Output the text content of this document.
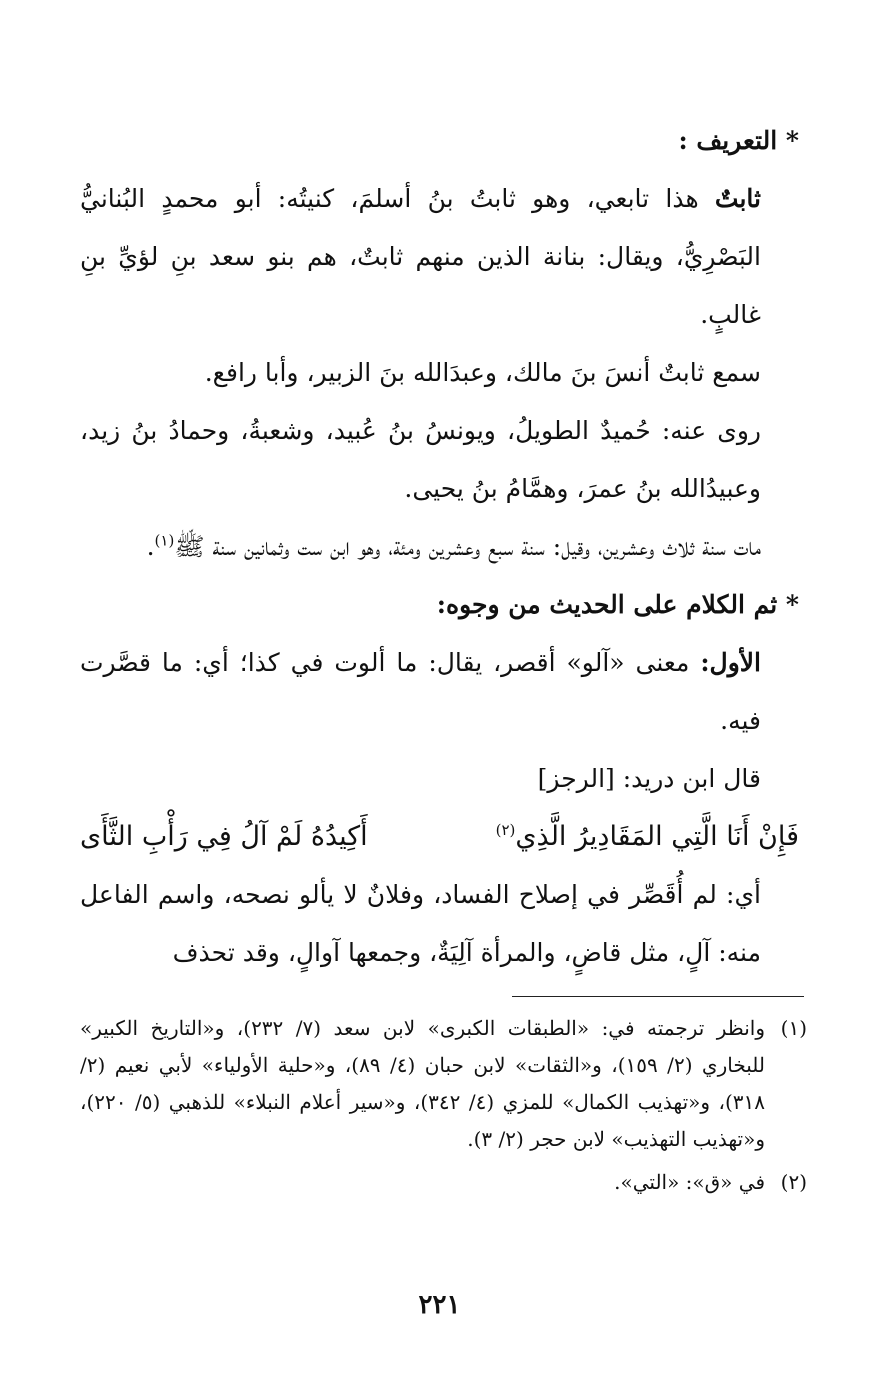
* التعريف :

ثابتٌ هذا تابعي، وهو ثابتُ بنُ أسلمَ، كنيتُه: أبو محمدٍ البُنانيُّ البَصْرِيُّ، ويقال: بنانة الذين منهم ثابتٌ، هم بنو سعد بنِ لؤيِّ بنِ غالبٍ.

سمع ثابتٌ أنسَ بنَ مالك، وعبدَالله بنَ الزبير، وأبا رافع.

روى عنه: حُميدٌ الطويلُ، ويونسُ بنُ عُبيد، وشعبةُ، وحمادُ بنُ زيد، وعبيدُالله بنُ عمرَ، وهمَّامُ بنُ يحيى.

مات سنة ثلاث وعشرين، وقيل: سنة سبع وعشرين ومئة، وهو ابن ست وثمانين سنة ﷺ$^{(١)}$.

* ثم الكلام على الحديث من وجوه:

الأول: معنى «آلو» أقصر، يقال: ما ألوت في كذا؛ أي: ما قصَّرت فيه.

قال ابن دريد: [الرجز]

فَإِنْ أَنَا الَّتِي المَقَادِيرُ الَّذِي$^{(٢)}$
أَكِيدُهُ لَمْ آلُ فِي رَأْبِ الثَّأَى

أي: لم أُقَصِّر في إصلاح الفساد، وفلانٌ لا يألو نصحه، واسم الفاعل منه: آلٍ، مثل قاضٍ، والمرأة آلِيَةٌ، وجمعها آوالٍ، وقد تحذف

(١)
وانظر ترجمته في: «الطبقات الكبرى» لابن سعد (٧/ ٢٣٢)، و«التاريخ الكبير» للبخاري (٢/ ١٥٩)، و«الثقات» لابن حبان (٤/ ٨٩)، و«حلية الأولياء» لأبي نعيم (٢/ ٣١٨)، و«تهذيب الكمال» للمزي (٤/ ٣٤٢)، و«سير أعلام النبلاء» للذهبي (٥/ ٢٢٠)، و«تهذيب التهذيب» لابن حجر (٢/ ٣).
(٢)
في «ق»: «التي».
٢٢١
